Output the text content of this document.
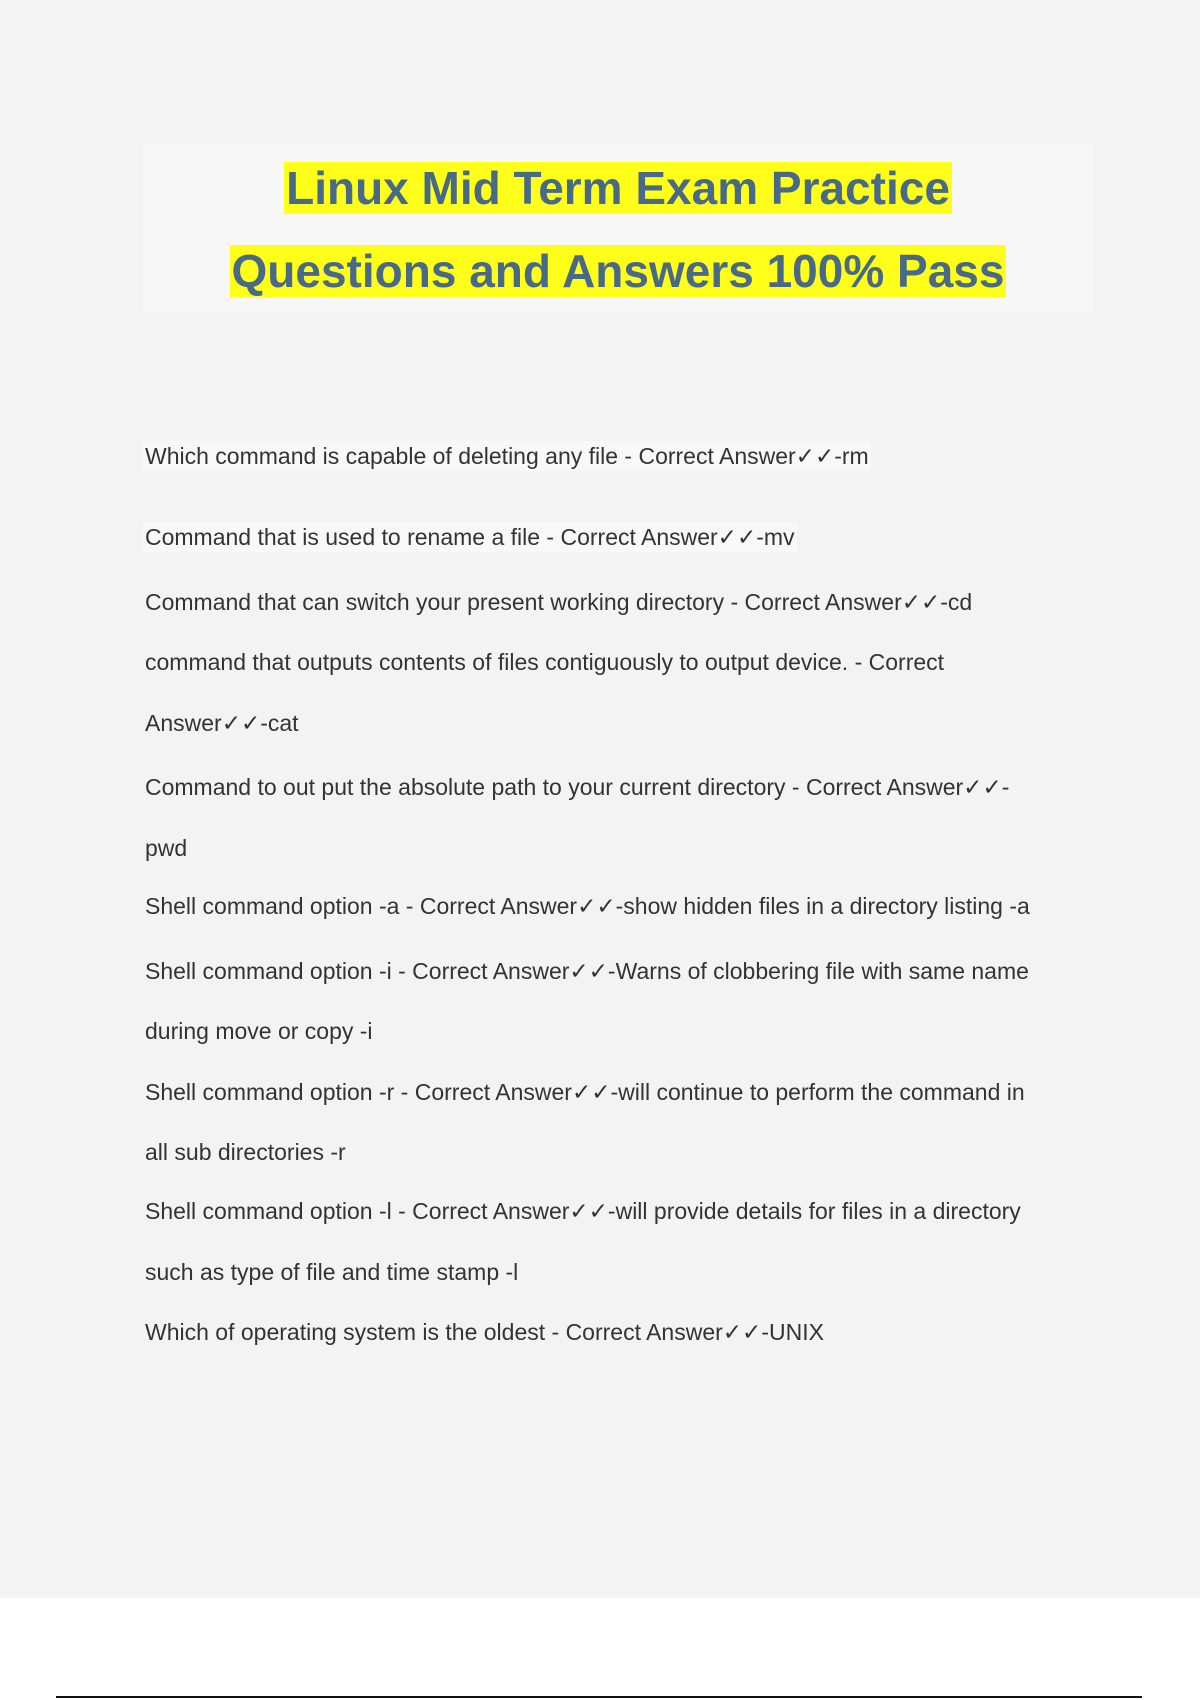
Linux Mid Term Exam Practice
Questions and Answers 100% Pass
Which command is capable of deleting any file - Correct Answer✓✓-rm
Command that is used to rename a file - Correct Answer✓✓-mv
Command that can switch your present working directory - Correct Answer✓✓-cd
command that outputs contents of files contiguously to output device. - Correct
Answer✓✓-cat
Command to out put the absolute path to your current directory - Correct Answer✓✓-
pwd
Shell command option -a - Correct Answer✓✓-show hidden files in a directory listing -a
Shell command option -i - Correct Answer✓✓-Warns of clobbering file with same name
during move or copy -i
Shell command option -r - Correct Answer✓✓-will continue to perform the command in
all sub directories -r
Shell command option -l - Correct Answer✓✓-will provide details for files in a directory
such as type of file and time stamp -l
Which of operating system is the oldest - Correct Answer✓✓-UNIX
